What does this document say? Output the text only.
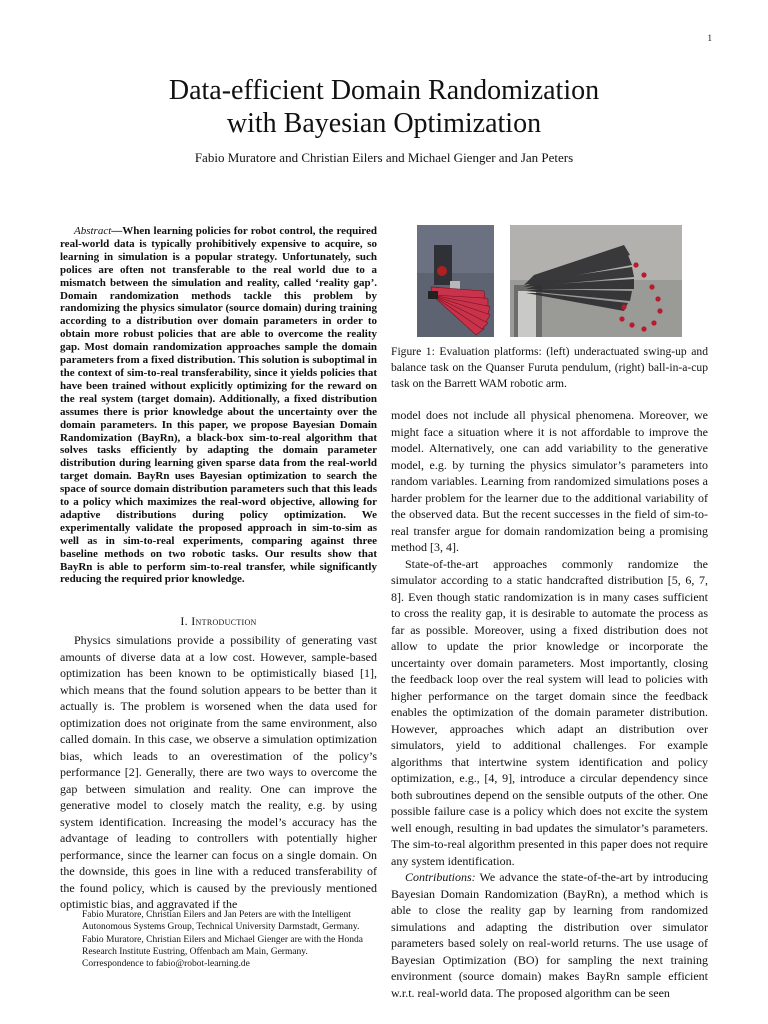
1
Data-efficient Domain Randomization
with Bayesian Optimization
Fabio Muratore and Christian Eilers and Michael Gienger and Jan Peters
Abstract—When learning policies for robot control, the required real-world data is typically prohibitively expensive to acquire, so learning in simulation is a popular strategy. Unfortunately, such polices are often not transferable to the real world due to a mismatch between the simulation and reality, called ‘reality gap’. Domain randomization methods tackle this problem by randomizing the physics simulator (source domain) during training according to a distribution over domain parameters in order to obtain more robust policies that are able to overcome the reality gap. Most domain randomization approaches sample the domain parameters from a fixed distribution. This solution is suboptimal in the context of sim-to-real transferability, since it yields policies that have been trained without explicitly optimizing for the reward on the real system (target domain). Additionally, a fixed distribution assumes there is prior knowledge about the uncertainty over the domain parameters. In this paper, we propose Bayesian Domain Randomization (BayRn), a black-box sim-to-real algorithm that solves tasks efficiently by adapting the domain parameter distribution during learning given sparse data from the real-world target domain. BayRn uses Bayesian optimization to search the space of source domain distribution parameters such that this leads to a policy which maximizes the real-word objective, allowing for adaptive distributions during policy optimization. We experimentally validate the proposed approach in sim-to-sim as well as in sim-to-real experiments, comparing against three baseline methods on two robotic tasks. Our results show that BayRn is able to perform sim-to-real transfer, while significantly reducing the required prior knowledge.
I. Introduction
Physics simulations provide a possibility of generating vast amounts of diverse data at a low cost. However, sample-based optimization has been known to be optimistically biased [1], which means that the found solution appears to be better than it actually is. The problem is worsened when the data used for optimization does not originate from the same environment, also called domain. In this case, we observe a simulation optimization bias, which leads to an overestimation of the policy’s performance [2]. Generally, there are two ways to overcome the gap between simulation and reality. One can improve the generative model to closely match the reality, e.g. by using system identification. Increasing the model’s accuracy has the advantage of leading to controllers with potentially higher performance, since the learner can focus on a single domain. On the downside, this goes in line with a reduced transferability of the found policy, which is caused by the previously mentioned optimistic bias, and aggravated if the
Fabio Muratore, Christian Eilers and Jan Peters are with the Intelligent Autonomous Systems Group, Technical University Darmstadt, Germany.
Fabio Muratore, Christian Eilers and Michael Gienger are with the Honda Research Institute Eustring, Offenbach am Main, Germany.
Correspondence to fabio@robot-learning.de
Figure 1: Evaluation platforms: (left) underactuated swing-up and balance task on the Quanser Furuta pendulum, (right) ball-in-a-cup task on the Barrett WAM robotic arm.

model does not include all physical phenomena. Moreover, we might face a situation where it is not affordable to improve the model. Alternatively, one can add variability to the generative model, e.g. by turning the physics simulator’s parameters into random variables. Learning from randomized simulations poses a harder problem for the learner due to the additional variability of the observed data. But the recent successes in the field of sim-to-real transfer argue for domain randomization being a promising method [3, 4].

State-of-the-art approaches commonly randomize the simulator according to a static handcrafted distribution [5, 6, 7, 8]. Even though static randomization is in many cases sufficient to cross the reality gap, it is desirable to automate the process as far as possible. Moreover, using a fixed distribution does not allow to update the prior knowledge or incorporate the uncertainty over domain parameters. Most importantly, closing the feedback loop over the real system will lead to policies with higher performance on the target domain since the feedback enables the optimization of the domain parameter distribution. However, approaches which adapt an distribution over simulators, yield to additional challenges. For example algorithms that intertwine system identification and policy optimization, e.g., [4, 9], introduce a circular dependency since both subroutines depend on the sensible outputs of the other. One possible failure case is a policy which does not excite the system well enough, resulting in bad updates the simulator’s parameters. The sim-to-real algorithm presented in this paper does not require any system identification.

Contributions: We advance the state-of-the-art by introducing Bayesian Domain Randomization (BayRn), a method which is able to close the reality gap by learning from randomized simulations and adapting the distribution over simulator parameters based solely on real-world returns. The use usage of Bayesian Optimization (BO) for sampling the next training environment (source domain) makes BayRn sample efficient w.r.t. real-world data. The proposed algorithm can be seen
